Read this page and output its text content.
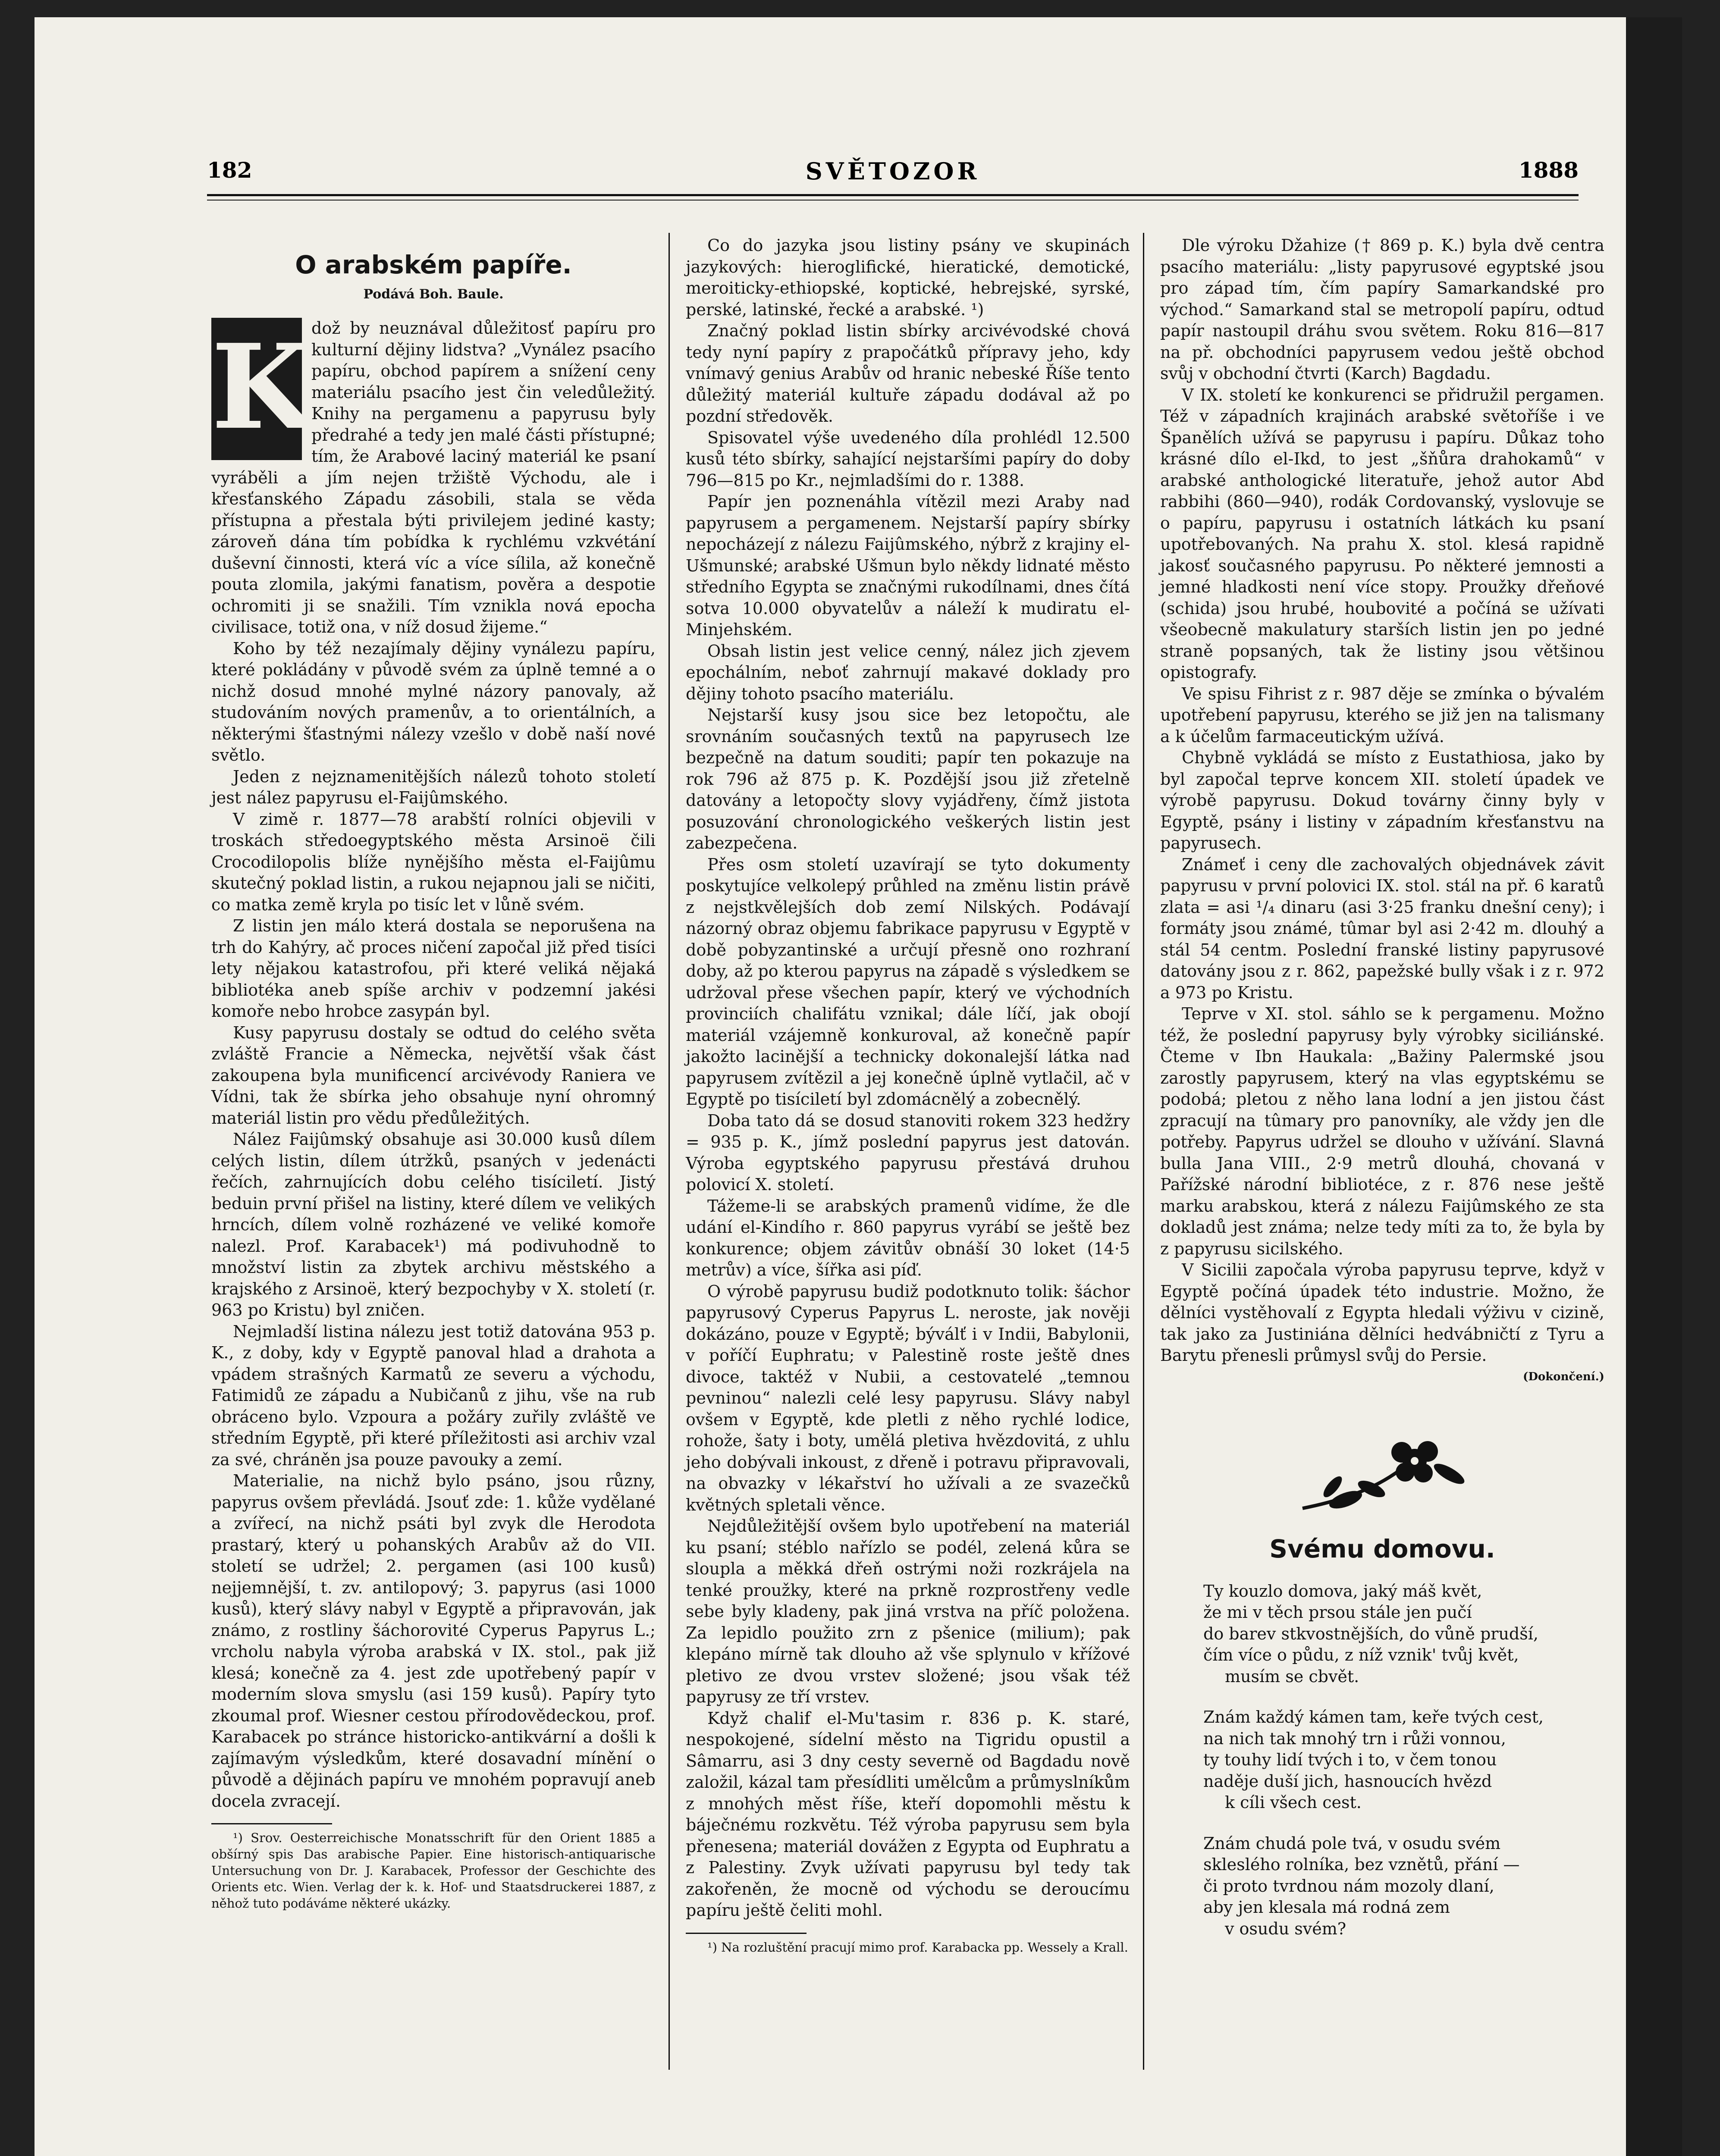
182	SVĚTOZOR	1888
O arabském papíře.
Podává Boh. Baule.

K
dož by neuznával důležitosť papíru pro kulturní dějiny lidstva? „Vynález psacího papíru, obchod papírem a snížení ceny materiálu psacího jest čin veledůležitý. Knihy na pergamenu a papyrusu byly předrahé a tedy jen malé části přístupné; tím, že Arabové laciný materiál ke psaní vyráběli a jím nejen tržiště Východu, ale i křesťanského Západu zásobili, stala se věda přístupna a přestala býti privilejem jediné kasty; zároveň dána tím pobídka k rychlému vzkvétání duševní činnosti, která víc a více sílila, až konečně pouta zlomila, jakými fanatism, pověra a despotie ochromiti ji se snažili. Tím vznikla nová epocha civilisace, totiž ona, v níž dosud žijeme.“

Koho by též nezajímaly dějiny vynálezu papíru, které pokládány v původě svém za úplně temné a o nichž dosud mnohé mylné názory panovaly, až studováním nových pramenův, a to orientálních, a některými šťastnými nálezy vzešlo v době naší nové světlo.

Jeden z nejznamenitějších nálezů tohoto století jest nález papyrusu el-Faijûmského.

V zimě r. 1877—78 arabští rolníci objevili v troskách středoegyptského města Arsinoë čili Crocodilopolis blíže nynějšího města el-Faijûmu skutečný poklad listin, a rukou nejapnou jali se ničiti, co matka země kryla po tisíc let v lůně svém.

Z listin jen málo která dostala se neporušena na trh do Kahýry, ač proces ničení započal již před tisíci lety nějakou katastrofou, při které veliká nějaká bibliotéka aneb spíše archiv v podzemní jakési komoře nebo hrobce zasypán byl.

Kusy papyrusu dostaly se odtud do celého světa zvláště Francie a Německa, největší však část zakoupena byla munificencí arcivévody Raniera ve Vídni, tak že sbírka jeho obsahuje nyní ohromný materiál listin pro vědu předůležitých.

Nález Faijûmský obsahuje asi 30.000 kusů dílem celých listin, dílem útržků, psaných v jedenácti řečích, zahrnujících dobu celého tisíciletí. Jistý beduin první přišel na listiny, které dílem ve velikých hrncích, dílem volně rozházené ve veliké komoře nalezl. Prof. Karabacek¹) má podivuhodně to množství listin za zbytek archivu městského a krajského z Arsinoë, který bezpochyby v X. století (r. 963 po Kristu) byl zničen.

Nejmladší listina nálezu jest totiž datována 953 p. K., z doby, kdy v Egyptě panoval hlad a drahota a vpádem strašných Karmatů ze severu a východu, Fatimidů ze západu a Nubičanů z jihu, vše na rub obráceno bylo. Vzpoura a požáry zuřily zvláště ve středním Egyptě, při které příležitosti asi archiv vzal za své, chráněn jsa pouze pavouky a zemí.

Materialie, na nichž bylo psáno, jsou různy, papyrus ovšem převládá. Jsouť zde: 1. kůže vydělané a zvířecí, na nichž psáti byl zvyk dle Herodota prastarý, který u pohanských Arabův až do VII. století se udržel; 2. pergamen (asi 100 kusů) nejjemnější, t. zv. antilopový; 3. papyrus (asi 1000 kusů), který slávy nabyl v Egyptě a připravován, jak známo, z rostliny šáchorovité Cyperus Papyrus L.; vrcholu nabyla výroba arabská v IX. stol., pak již klesá; konečně za 4. jest zde upotřebený papír v moderním slova smyslu (asi 159 kusů). Papíry tyto zkoumal prof. Wiesner cestou přírodovědeckou, prof. Karabacek po stránce historicko-antikvární a došli k zajímavým výsledkům, které dosavadní mínění o původě a dějinách papíru ve mnohém popravují aneb docela zvracejí.

¹) Srov. Oesterreichische Monatsschrift für den Orient 1885 a obšírný spis Das arabische Papier. Eine historisch-antiquarische Untersuchung von Dr. J. Karabacek, Professor der Geschichte des Orients etc. Wien. Verlag der k. k. Hof- und Staatsdruckerei 1887, z něhož tuto podáváme některé ukázky.

Co do jazyka jsou listiny psány ve skupinách jazykových: hieroglifické, hieratické, demotické, meroiticky-ethiopské, koptické, hebrejské, syrské, perské, latinské, řecké a arabské. ¹)

Značný poklad listin sbírky arcivévodské chová tedy nyní papíry z prapočátků přípravy jeho, kdy vnímavý genius Arabův od hranic nebeské Říše tento důležitý materiál kultuře západu dodával až po pozdní středověk.

Spisovatel výše uvedeného díla prohlédl 12.500 kusů této sbírky, sahající nejstaršími papíry do doby 796—815 po Kr., nejmladšími do r. 1388.

Papír jen poznenáhla vítězil mezi Araby nad papyrusem a pergamenem. Nejstarší papíry sbírky nepocházejí z nálezu Faijûmského, nýbrž z krajiny el-Ušmunské; arabské Ušmun bylo někdy lidnaté město středního Egypta se značnými rukodílnami, dnes čítá sotva 10.000 obyvatelův a náleží k mudiratu el-Minjehském.

Obsah listin jest velice cenný, nález jich zjevem epochálním, neboť zahrnují makavé doklady pro dějiny tohoto psacího materiálu.

Nejstarší kusy jsou sice bez letopočtu, ale srovnáním současných textů na papyrusech lze bezpečně na datum souditi; papír ten pokazuje na rok 796 až 875 p. K. Pozdější jsou již zřetelně datovány a letopočty slovy vyjádřeny, čímž jistota posuzování chronologického veškerých listin jest zabezpečena.

Přes osm století uzavírají se tyto dokumenty poskytujíce velkolepý průhled na změnu listin právě z nejstkvělejších dob zemí Nilských. Podávají názorný obraz objemu fabrikace papyrusu v Egyptě v době pobyzantinské a určují přesně ono rozhraní doby, až po kterou papyrus na západě s výsledkem se udržoval přese všechen papír, který ve východních provinciích chalifátu vznikal; dále líčí, jak obojí materiál vzájemně konkuroval, až konečně papír jakožto lacinější a technicky dokonalejší látka nad papyrusem zvítězil a jej konečně úplně vytlačil, ač v Egyptě po tisíciletí byl zdomácnělý a zobecnělý.

Doba tato dá se dosud stanoviti rokem 323 hedžry = 935 p. K., jímž poslední papyrus jest datován. Výroba egyptského papyrusu přestává druhou polovicí X. století.

Tážeme-li se arabských pramenů vidíme, že dle udání el-Kindího r. 860 papyrus vyrábí se ještě bez konkurence; objem závitův obnáší 30 loket (14·5 metrův) a více, šířka asi píď.

O výrobě papyrusu budiž podotknuto tolik: šáchor papyrusový Cyperus Papyrus L. neroste, jak nověji dokázáno, pouze v Egyptě; býválť i v Indii, Babylonii, v poříčí Euphratu; v Palestině roste ještě dnes divoce, taktéž v Nubii, a cestovatelé „temnou pevninou“ nalezli celé lesy papyrusu. Slávy nabyl ovšem v Egyptě, kde pletli z něho rychlé lodice, rohože, šaty i boty, umělá pletiva hvězdovitá, z uhlu jeho dobývali inkoust, z dřeně i potravu připravovali, na obvazky v lékařství ho užívali a ze svazečků květných spletali věnce.

Nejdůležitější ovšem bylo upotřebení na materiál ku psaní; stéblo nařízlo se podél, zelená kůra se sloupla a měkká dřeň ostrými noži rozkrájela na tenké proužky, které na prkně rozprostřeny vedle sebe byly kladeny, pak jiná vrstva na příč položena. Za lepidlo použito zrn z pšenice (milium); pak klepáno mírně tak dlouho až vše splynulo v křížové pletivo ze dvou vrstev složené; jsou však též papyrusy ze tří vrstev.

Když chalif el-Mu'tasim r. 836 p. K. staré, nespokojené, sídelní město na Tigridu opustil a Sâmarru, asi 3 dny cesty severně od Bagdadu nově založil, kázal tam přesídliti umělcům a průmyslníkům z mnohých měst říše, kteří dopomohli městu k báječnému rozkvětu. Též výroba papyrusu sem byla přenesena; materiál dovážen z Egypta od Euphratu a z Palestiny. Zvyk užívati papyrusu byl tedy tak zakořeněn, že mocně od východu se deroucímu papíru ještě čeliti mohl.

¹) Na rozluštění pracují mimo prof. Karabacka pp. Wessely a Krall.

Dle výroku Džahize († 869 p. K.) byla dvě centra psacího materiálu: „listy papyrusové egyptské jsou pro západ tím, čím papíry Samarkandské pro východ.“ Samarkand stal se metropolí papíru, odtud papír nastoupil dráhu svou světem. Roku 816—817 na př. obchodníci papyrusem vedou ještě obchod svůj v obchodní čtvrti (Karch) Bagdadu.

V IX. století ke konkurenci se přidružil pergamen. Též v západních krajinách arabské světoříše i ve Španělích užívá se papyrusu i papíru. Důkaz toho krásné dílo el-Ikd, to jest „šňůra drahokamů“ v arabské anthologické literatuře, jehož autor Abd rabbihi (860—940), rodák Cordovanský, vyslovuje se o papíru, papyrusu i ostatních látkách ku psaní upotřebovaných. Na prahu X. stol. klesá rapidně jakosť současného papyrusu. Po některé jemnosti a jemné hladkosti není více stopy. Proužky dřeňové (schida) jsou hrubé, houbovité a počíná se užívati všeobecně makulatury starších listin jen po jedné straně popsaných, tak že listiny jsou většinou opistografy.

Ve spisu Fihrist z r. 987 děje se zmínka o bývalém upotřebení papyrusu, kterého se již jen na talismany a k účelům farmaceutickým užívá.

Chybně vykládá se místo z Eustathiosa, jako by byl započal teprve koncem XII. století úpadek ve výrobě papyrusu. Dokud továrny činny byly v Egyptě, psány i listiny v západním křesťanstvu na papyrusech.

Známeť i ceny dle zachovalých objednávek závit papyrusu v první polovici IX. stol. stál na př. 6 karatů zlata = asi ¹/₄ dinaru (asi 3·25 franku dnešní ceny); i formáty jsou známé, tûmar byl asi 2·42 m. dlouhý a stál 54 centm. Poslední franské listiny papyrusové datovány jsou z r. 862, papežské bully však i z r. 972 a 973 po Kristu.

Teprve v XI. stol. sáhlo se k pergamenu. Možno též, že poslední papyrusy byly výrobky siciliánské. Čteme v Ibn Haukala: „Bažiny Palermské jsou zarostly papyrusem, který na vlas egyptskému se podobá; pletou z něho lana lodní a jen jistou část zpracují na tûmary pro panovníky, ale vždy jen dle potřeby. Papyrus udržel se dlouho v užívání. Slavná bulla Jana VIII., 2·9 metrů dlouhá, chovaná v Pařížské národní bibliotéce, z r. 876 nese ještě marku arabskou, která z nálezu Faijûmského ze sta dokladů jest známa; nelze tedy míti za to, že byla by z papyrusu sicilského.

V Sicilii započala výroba papyrusu teprve, když v Egyptě počíná úpadek této industrie. Možno, že dělníci vystěhovalí z Egypta hledali výživu v cizině, tak jako za Justiniána dělníci hedvábničtí z Tyru a Barytu přenesli průmysl svůj do Persie.

(Dokončení.)

Svému domovu.
Ty kouzlo domova, jaký máš květ,
že mi v těch prsou stále jen pučí
do barev stkvostnějších, do vůně prudší,
čím více o půdu, z níž vznik' tvůj květ,
musím se cbvět.
Znám každý kámen tam, keře tvých cest,
na nich tak mnohý trn i růži vonnou,
ty touhy lidí tvých i to, v čem tonou
naděje duší jich, hasnoucích hvězd
k cíli všech cest.
Znám chudá pole tvá, v osudu svém
skleslého rolníka, bez vznětů, přání —
či proto tvrdnou nám mozoly dlaní,
aby jen klesala má rodná zem
v osudu svém?
